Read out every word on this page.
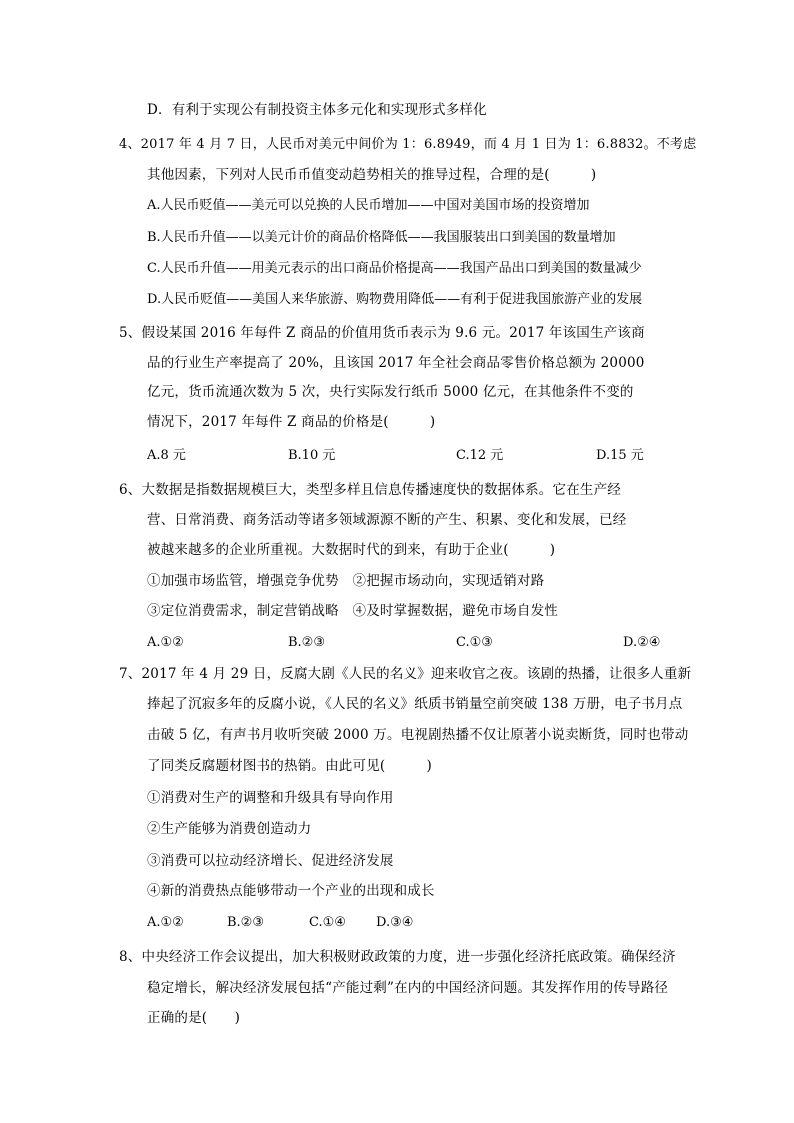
D．有利于实现公有制投资主体多元化和实现形式多样化
4、2017 年 4 月 7 日，人民币对美元中间价为 1：6.8949，而 4 月 1 日为 1：6.8832。不考虑
其他因素，下列对人民币币值变动趋势相关的推导过程，合理的是(　　　)
A.人民币贬值——美元可以兑换的人民币增加——中国对美国市场的投资增加
B.人民币升值——以美元计价的商品价格降低——我国服装出口到美国的数量增加
C.人民币升值——用美元表示的出口商品价格提高——我国产品出口到美国的数量减少
D.人民币贬值——美国人来华旅游、购物费用降低——有利于促进我国旅游产业的发展
5、假设某国 2016 年每件 Z 商品的价值用货币表示为 9.6 元。2017 年该国生产该商
品的行业生产率提高了 20%，且该国 2017 年全社会商品零售价格总额为 20000
亿元，货币流通次数为 5 次，央行实际发行纸币 5000 亿元，在其他条件不变的
情况下，2017 年每件 Z 商品的价格是(　　　)
A.8 元	B.10 元	C.12 元	D.15 元
6、大数据是指数据规模巨大，类型多样且信息传播速度快的数据体系。它在生产经
营、日常消费、商务活动等诸多领域源源不断的产生、积累、变化和发展，已经
被越来越多的企业所重视。大数据时代的到来，有助于企业(　　　)
①加强市场监管，增强竞争优势　②把握市场动向，实现适销对路
③定位消费需求，制定营销战略　④及时掌握数据，避免市场自发性
A.①②	B.②③	C.①③	D.②④
7、2017 年 4 月 29 日，反腐大剧《人民的名义》迎来收官之夜。该剧的热播，让很多人重新
捧起了沉寂多年的反腐小说，《人民的名义》纸质书销量空前突破 138 万册，电子书月点
击破 5 亿，有声书月收听突破 2000 万。电视剧热播不仅让原著小说卖断货，同时也带动
了同类反腐题材图书的热销。由此可见(　　　)
①消费对生产的调整和升级具有导向作用
②生产能够为消费创造动力
③消费可以拉动经济增长、促进经济发展
④新的消费热点能够带动一个产业的出现和成长
A.①②	B.②③	C.①④ D.③④
8、中央经济工作会议提出，加大积极财政政策的力度，进一步强化经济托底政策。确保经济
稳定增长，解决经济发展包括“产能过剩”在内的中国经济问题。其发挥作用的传导路径
正确的是(　　)
